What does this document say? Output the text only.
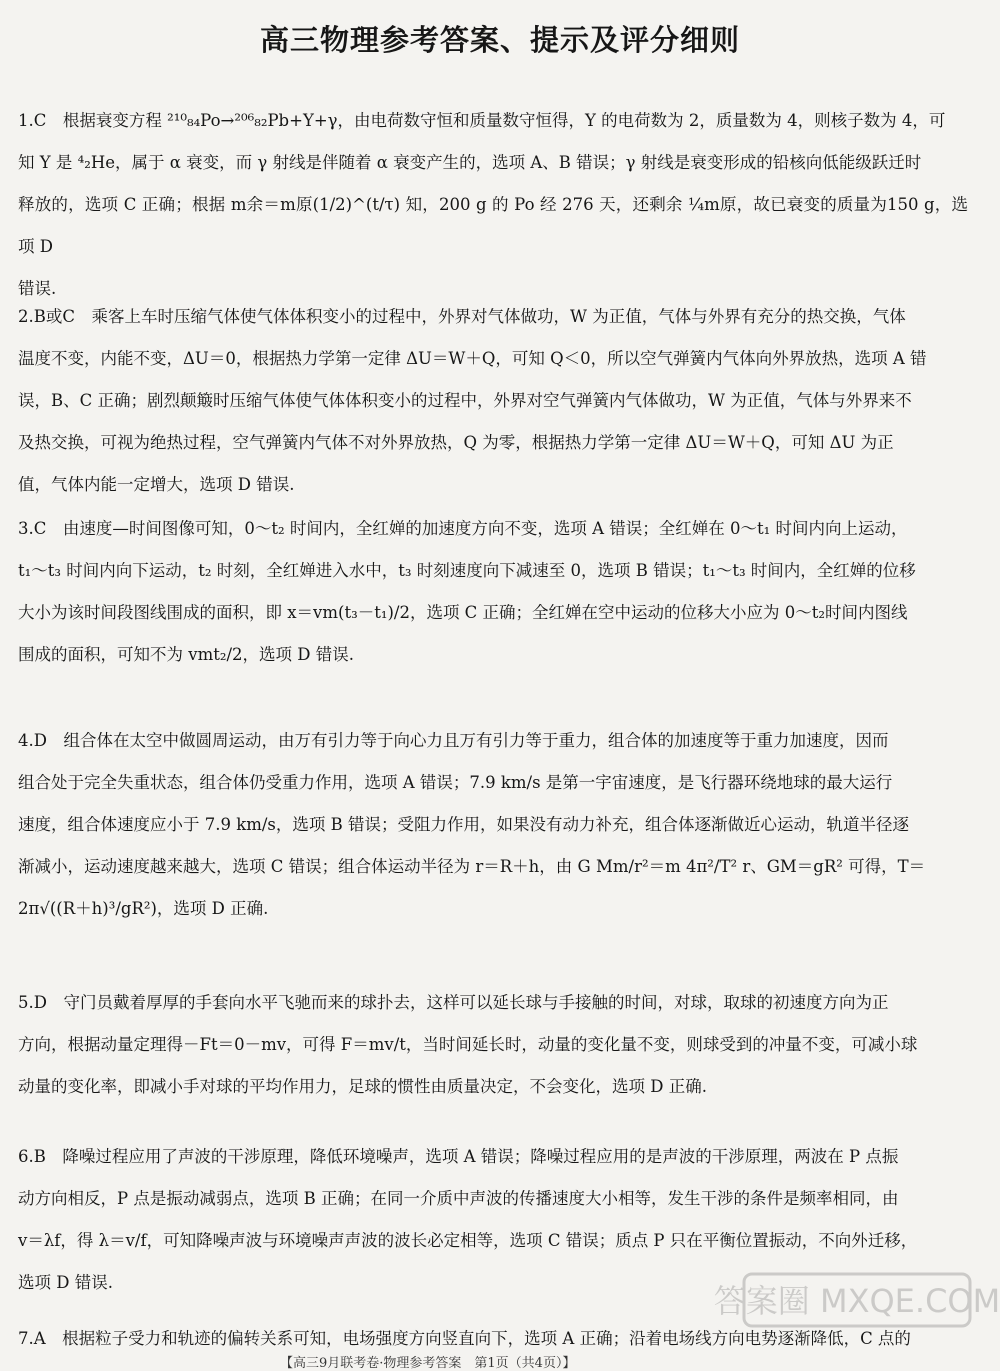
高三物理参考答案、提示及评分细则

1.C　根据衰变方程 ²¹⁰₈₄Po→²⁰⁶₈₂Pb+Y+γ，由电荷数守恒和质量数守恒得，Y 的电荷数为 2，质量数为 4，则核子数为 4，可

知 Y 是 ⁴₂He，属于 α 衰变，而 γ 射线是伴随着 α 衰变产生的，选项 A、B 错误；γ 射线是衰变形成的铅核向低能级跃迁时

释放的，选项 C 正确；根据 m余＝m原(1/2)^(t/τ) 知，200 g 的 Po 经 276 天，还剩余 ¼m原，故已衰变的质量为150 g，选项 D

错误.

2.B或C　乘客上车时压缩气体使气体体积变小的过程中，外界对气体做功，W 为正值，气体与外界有充分的热交换，气体

温度不变，内能不变，ΔU＝0，根据热力学第一定律 ΔU＝W＋Q，可知 Q＜0，所以空气弹簧内气体向外界放热，选项 A 错

误，B、C 正确；剧烈颠簸时压缩气体使气体体积变小的过程中，外界对空气弹簧内气体做功，W 为正值，气体与外界来不

及热交换，可视为绝热过程，空气弹簧内气体不对外界放热，Q 为零，根据热力学第一定律 ΔU＝W＋Q，可知 ΔU 为正

值，气体内能一定增大，选项 D 错误.

3.C　由速度—时间图像可知，0～t₂ 时间内，全红婵的加速度方向不变，选项 A 错误；全红婵在 0～t₁ 时间内向上运动，

t₁～t₃ 时间内向下运动，t₂ 时刻，全红婵进入水中，t₃ 时刻速度向下减速至 0，选项 B 错误；t₁～t₃ 时间内，全红婵的位移

大小为该时间段图线围成的面积，即 x＝vm(t₃－t₁)/2，选项 C 正确；全红婵在空中运动的位移大小应为 0～t₂时间内图线

围成的面积，可知不为 vmt₂/2，选项 D 错误.

4.D　组合体在太空中做圆周运动，由万有引力等于向心力且万有引力等于重力，组合体的加速度等于重力加速度，因而

组合处于完全失重状态，组合体仍受重力作用，选项 A 错误；7.9 km/s 是第一宇宙速度，是飞行器环绕地球的最大运行

速度，组合体速度应小于 7.9 km/s，选项 B 错误；受阻力作用，如果没有动力补充，组合体逐渐做近心运动，轨道半径逐

渐减小，运动速度越来越大，选项 C 错误；组合体运动半径为 r＝R＋h，由 G Mm/r²＝m 4π²/T² r、GM＝gR² 可得，T＝

2π√((R＋h)³/gR²)，选项 D 正确.

5.D　守门员戴着厚厚的手套向水平飞驰而来的球扑去，这样可以延长球与手接触的时间，对球，取球的初速度方向为正

方向，根据动量定理得－Ft＝0－mv，可得 F＝mv/t，当时间延长时，动量的变化量不变，则球受到的冲量不变，可减小球

动量的变化率，即减小手对球的平均作用力，足球的惯性由质量决定，不会变化，选项 D 正确.

6.B　降噪过程应用了声波的干涉原理，降低环境噪声，选项 A 错误；降噪过程应用的是声波的干涉原理，两波在 P 点振

动方向相反，P 点是振动减弱点，选项 B 正确；在同一介质中声波的传播速度大小相等，发生干涉的条件是频率相同，由

v＝λf，得 λ＝v/f，可知降噪声波与环境噪声声波的波长必定相等，选项 C 错误；质点 P 只在平衡位置振动，不向外迁移，

选项 D 错误.

7.A　根据粒子受力和轨迹的偏转关系可知，电场强度方向竖直向下，选项 A 正确；沿着电场线方向电势逐渐降低，C 点的

答案圈 MXQE.COM
【高三9月联考卷·物理参考答案　第1页（共4页）】
